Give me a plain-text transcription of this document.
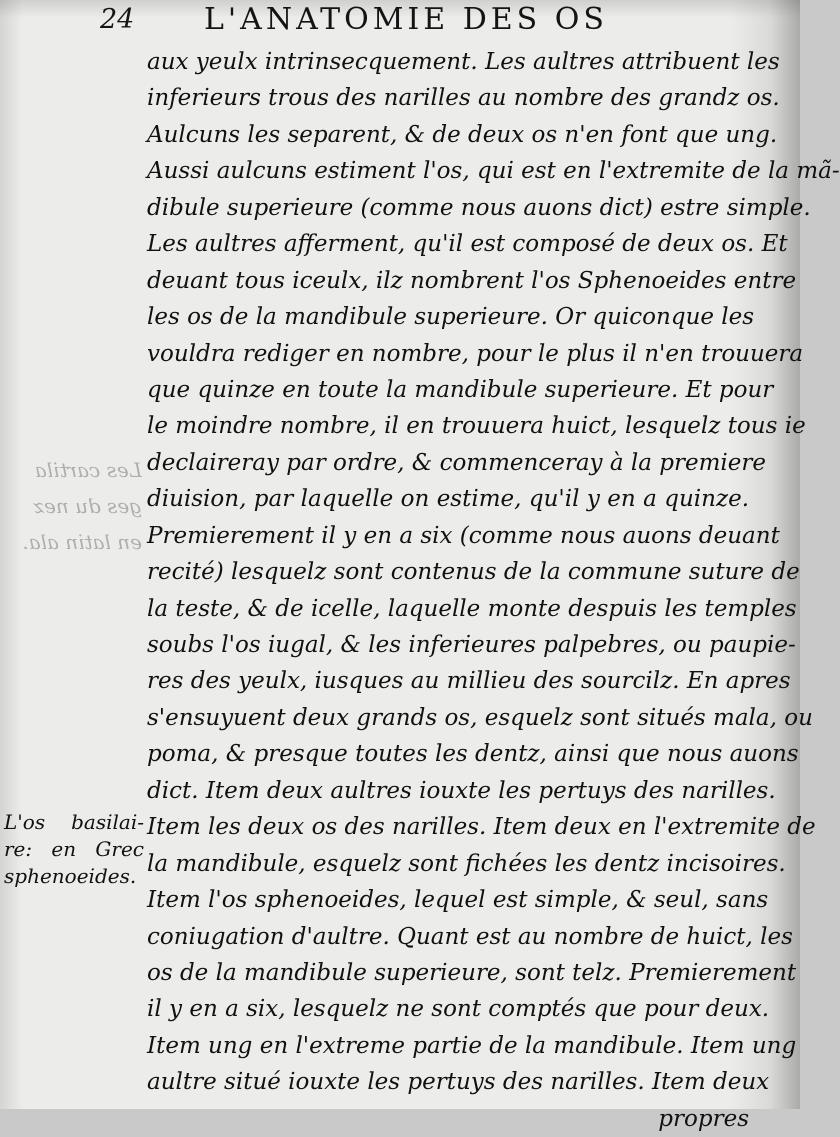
24 L'ANATOMIE DES OS
Les cartila
ges du nez
en latin ala.
aux yeulx intrinsecquement. Les aultres attribuent les
inferieurs trous des narilles au nombre des grandz os.
Aulcuns les separent, & de deux os n'en font que ung.
Aussi aulcuns estiment l'os, qui est en l'extremite de la mã-
dibule superieure (comme nous auons dict) estre simple.
Les aultres afferment, qu'il est composé de deux os. Et
deuant tous iceulx, ilz nombrent l'os Sphenoeides entre
les os de la mandibule superieure. Or quiconque les
vouldra rediger en nombre, pour le plus il n'en trouuera
que quinze en toute la mandibule superieure. Et pour
le moindre nombre, il en trouuera huict, lesquelz tous ie
declaireray par ordre, & commenceray à la premiere
diuision, par laquelle on estime, qu'il y en a quinze.
Premierement il y en a six (comme nous auons deuant
recité) lesquelz sont contenus de la commune suture de
la teste, & de icelle, laquelle monte despuis les temples
soubs l'os iugal, & les inferieures palpebres, ou paupie-
res des yeulx, iusques au millieu des sourcilz. En apres
s'ensuyuent deux grands os, esquelz sont situés mala, ou
poma, & presque toutes les dentz, ainsi que nous auons
dict. Item deux aultres iouxte les pertuys des narilles.
Item les deux os des narilles. Item deux en l'extremite de
la mandibule, esquelz sont fichées les dentz incisoires.
Item l'os sphenoeides, lequel est simple, & seul, sans
coniugation d'aultre. Quant est au nombre de huict, les
os de la mandibule superieure, sont telz. Premierement
il y en a six, lesquelz ne sont comptés que pour deux.
Item ung en l'extreme partie de la mandibule. Item ung
aultre situé iouxte les pertuys des narilles. Item deux
propres
L'os basilai-
re: en Grec
sphenoeides.
